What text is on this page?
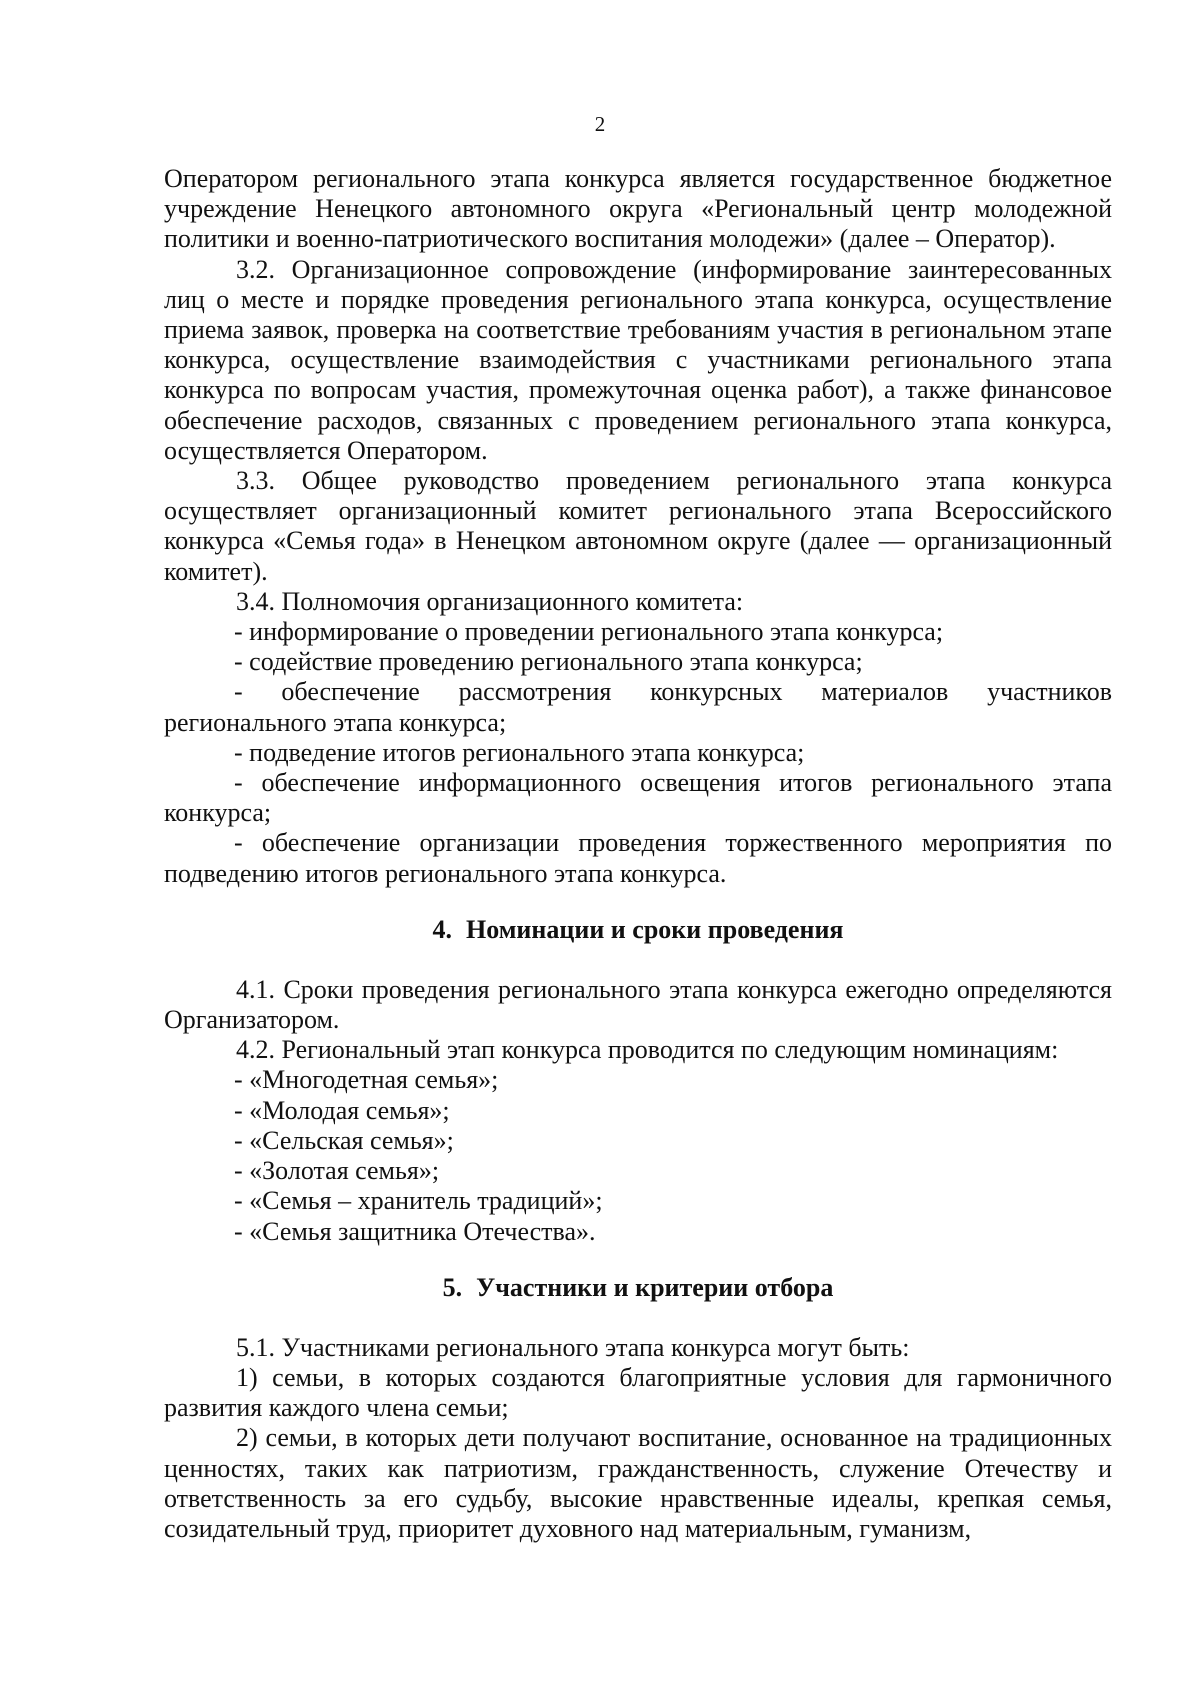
2

Оператором регионального этапа конкурса является государственное бюджетное учреждение Ненецкого автономного округа «Региональный центр молодежной политики и военно-патриотического воспитания молодежи» (далее – Оператор).

3.2. Организационное сопровождение (информирование заинтересованных лиц о месте и порядке проведения регионального этапа конкурса, осуществление приема заявок, проверка на соответствие требованиям участия в региональном этапе конкурса, осуществление взаимодействия с участниками регионального этапа конкурса по вопросам участия, промежуточная оценка работ), а также финансовое обеспечение расходов, связанных с проведением регионального этапа конкурса, осуществляется Оператором.

3.3. Общее руководство проведением регионального этапа конкурса осуществляет организационный комитет регионального этапа Всероссийского конкурса «Семья года» в Ненецком автономном округе (далее — организационный комитет).

3.4. Полномочия организационного комитета:

- информирование о проведении регионального этапа конкурса;

- содействие проведению регионального этапа конкурса;

- обеспечение рассмотрения конкурсных материалов участников регионального этапа конкурса;

- подведение итогов регионального этапа конкурса;

- обеспечение информационного освещения итогов регионального этапа конкурса;

- обеспечение организации проведения торжественного мероприятия по подведению итогов регионального этапа конкурса.

4. Номинации и сроки проведения

4.1. Сроки проведения регионального этапа конкурса ежегодно определяются Организатором.

4.2. Региональный этап конкурса проводится по следующим номинациям:

- «Многодетная семья»;

- «Молодая семья»;

- «Сельская семья»;

- «Золотая семья»;

- «Семья – хранитель традиций»;

- «Семья защитника Отечества».

5. Участники и критерии отбора

5.1. Участниками регионального этапа конкурса могут быть:

1) семьи, в которых создаются благоприятные условия для гармоничного развития каждого члена семьи;

2) семьи, в которых дети получают воспитание, основанное на традиционных ценностях, таких как патриотизм, гражданственность, служение Отечеству и ответственность за его судьбу, высокие нравственные идеалы, крепкая семья, созидательный труд, приоритет духовного над материальным, гуманизм,
